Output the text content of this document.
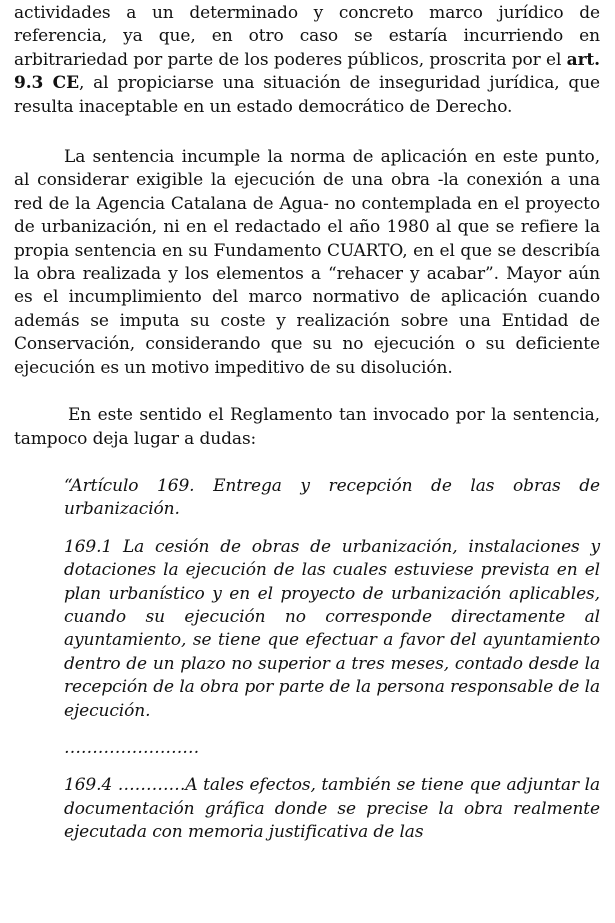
actividades a un determinado y concreto marco jurídico de referencia, ya que, en otro caso se estaría incurriendo en arbitrariedad por parte de los poderes públicos, proscrita por el art. 9.3 CE, al propiciarse una situación de inseguridad jurídica, que resulta inaceptable en un estado democrático de Derecho.

La sentencia incumple la norma de aplicación en este punto, al considerar exigible la ejecución de una obra -la conexión a una red de la Agencia Catalana de Agua- no contemplada en el proyecto de urbanización, ni en el redactado el año 1980 al que se refiere la propia sentencia en su Fundamento CUARTO, en el que se describía la obra realizada y los elementos a “rehacer y acabar”. Mayor aún es el incumplimiento del marco normativo de aplicación cuando además se imputa su coste y realización sobre una Entidad de Conservación, considerando que su no ejecución o su deficiente ejecución es un motivo impeditivo de su disolución.

En este sentido el Reglamento tan invocado por la sentencia, tampoco deja lugar a dudas:

“Artículo 169. Entrega y recepción de las obras de urbanización.

169.1 La cesión de obras de urbanización, instalaciones y dotaciones la ejecución de las cuales estuviese prevista en el plan urbanístico y en el proyecto de urbanización aplicables, cuando su ejecución no corresponde directamente al ayuntamiento, se tiene que efectuar a favor del ayuntamiento dentro de un plazo no superior a tres meses, contado desde la recepción de la obra por parte de la persona responsable de la ejecución.

……………………

169.4 …………A tales efectos, también se tiene que adjuntar la documentación gráfica donde se precise la obra realmente ejecutada con memoria justificativa de las
